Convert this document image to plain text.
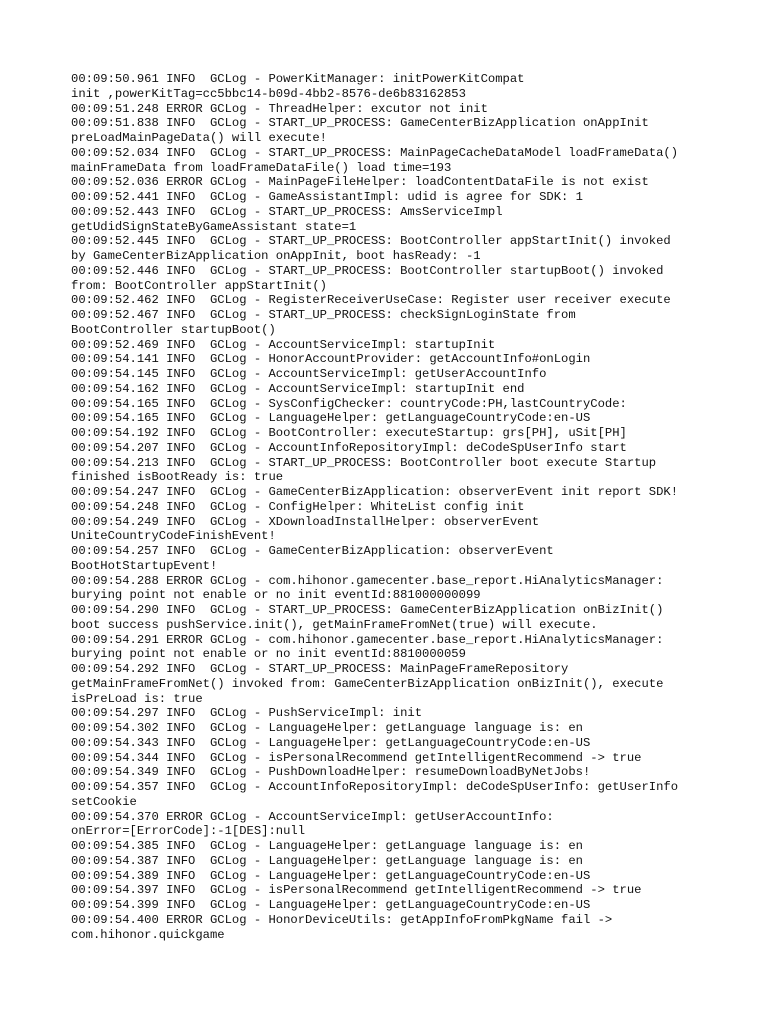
00:09:50.961 INFO  GCLog - PowerKitManager: initPowerKitCompat
init ,powerKitTag=cc5bbc14-b09d-4bb2-8576-de6b83162853
00:09:51.248 ERROR GCLog - ThreadHelper: excutor not init
00:09:51.838 INFO  GCLog - START_UP_PROCESS: GameCenterBizApplication onAppInit
preLoadMainPageData() will execute!
00:09:52.034 INFO  GCLog - START_UP_PROCESS: MainPageCacheDataModel loadFrameData()
mainFrameData from loadFrameDataFile() load time=193
00:09:52.036 ERROR GCLog - MainPageFileHelper: loadContentDataFile is not exist
00:09:52.441 INFO  GCLog - GameAssistantImpl: udid is agree for SDK: 1
00:09:52.443 INFO  GCLog - START_UP_PROCESS: AmsServiceImpl
getUdidSignStateByGameAssistant state=1
00:09:52.445 INFO  GCLog - START_UP_PROCESS: BootController appStartInit() invoked
by GameCenterBizApplication onAppInit, boot hasReady: -1
00:09:52.446 INFO  GCLog - START_UP_PROCESS: BootController startupBoot() invoked
from: BootController appStartInit()
00:09:52.462 INFO  GCLog - RegisterReceiverUseCase: Register user receiver execute
00:09:52.467 INFO  GCLog - START_UP_PROCESS: checkSignLoginState from
BootController startupBoot()
00:09:52.469 INFO  GCLog - AccountServiceImpl: startupInit
00:09:54.141 INFO  GCLog - HonorAccountProvider: getAccountInfo#onLogin
00:09:54.145 INFO  GCLog - AccountServiceImpl: getUserAccountInfo
00:09:54.162 INFO  GCLog - AccountServiceImpl: startupInit end
00:09:54.165 INFO  GCLog - SysConfigChecker: countryCode:PH,lastCountryCode:
00:09:54.165 INFO  GCLog - LanguageHelper: getLanguageCountryCode:en-US
00:09:54.192 INFO  GCLog - BootController: executeStartup: grs[PH], uSit[PH]
00:09:54.207 INFO  GCLog - AccountInfoRepositoryImpl: deCodeSpUserInfo start
00:09:54.213 INFO  GCLog - START_UP_PROCESS: BootController boot execute Startup
finished isBootReady is: true
00:09:54.247 INFO  GCLog - GameCenterBizApplication: observerEvent init report SDK!
00:09:54.248 INFO  GCLog - ConfigHelper: WhiteList config init
00:09:54.249 INFO  GCLog - XDownloadInstallHelper: observerEvent
UniteCountryCodeFinishEvent!
00:09:54.257 INFO  GCLog - GameCenterBizApplication: observerEvent
BootHotStartupEvent!
00:09:54.288 ERROR GCLog - com.hihonor.gamecenter.base_report.HiAnalyticsManager:
burying point not enable or no init eventId:881000000099
00:09:54.290 INFO  GCLog - START_UP_PROCESS: GameCenterBizApplication onBizInit()
boot success pushService.init(), getMainFrameFromNet(true) will execute.
00:09:54.291 ERROR GCLog - com.hihonor.gamecenter.base_report.HiAnalyticsManager:
burying point not enable or no init eventId:8810000059
00:09:54.292 INFO  GCLog - START_UP_PROCESS: MainPageFrameRepository
getMainFrameFromNet() invoked from: GameCenterBizApplication onBizInit(), execute
isPreLoad is: true
00:09:54.297 INFO  GCLog - PushServiceImpl: init
00:09:54.302 INFO  GCLog - LanguageHelper: getLanguage language is: en
00:09:54.343 INFO  GCLog - LanguageHelper: getLanguageCountryCode:en-US
00:09:54.344 INFO  GCLog - isPersonalRecommend getIntelligentRecommend -> true
00:09:54.349 INFO  GCLog - PushDownloadHelper: resumeDownloadByNetJobs!
00:09:54.357 INFO  GCLog - AccountInfoRepositoryImpl: deCodeSpUserInfo: getUserInfo
setCookie
00:09:54.370 ERROR GCLog - AccountServiceImpl: getUserAccountInfo:
onError=[ErrorCode]:-1[DES]:null
00:09:54.385 INFO  GCLog - LanguageHelper: getLanguage language is: en
00:09:54.387 INFO  GCLog - LanguageHelper: getLanguage language is: en
00:09:54.389 INFO  GCLog - LanguageHelper: getLanguageCountryCode:en-US
00:09:54.397 INFO  GCLog - isPersonalRecommend getIntelligentRecommend -> true
00:09:54.399 INFO  GCLog - LanguageHelper: getLanguageCountryCode:en-US
00:09:54.400 ERROR GCLog - HonorDeviceUtils: getAppInfoFromPkgName fail ->
com.hihonor.quickgame
